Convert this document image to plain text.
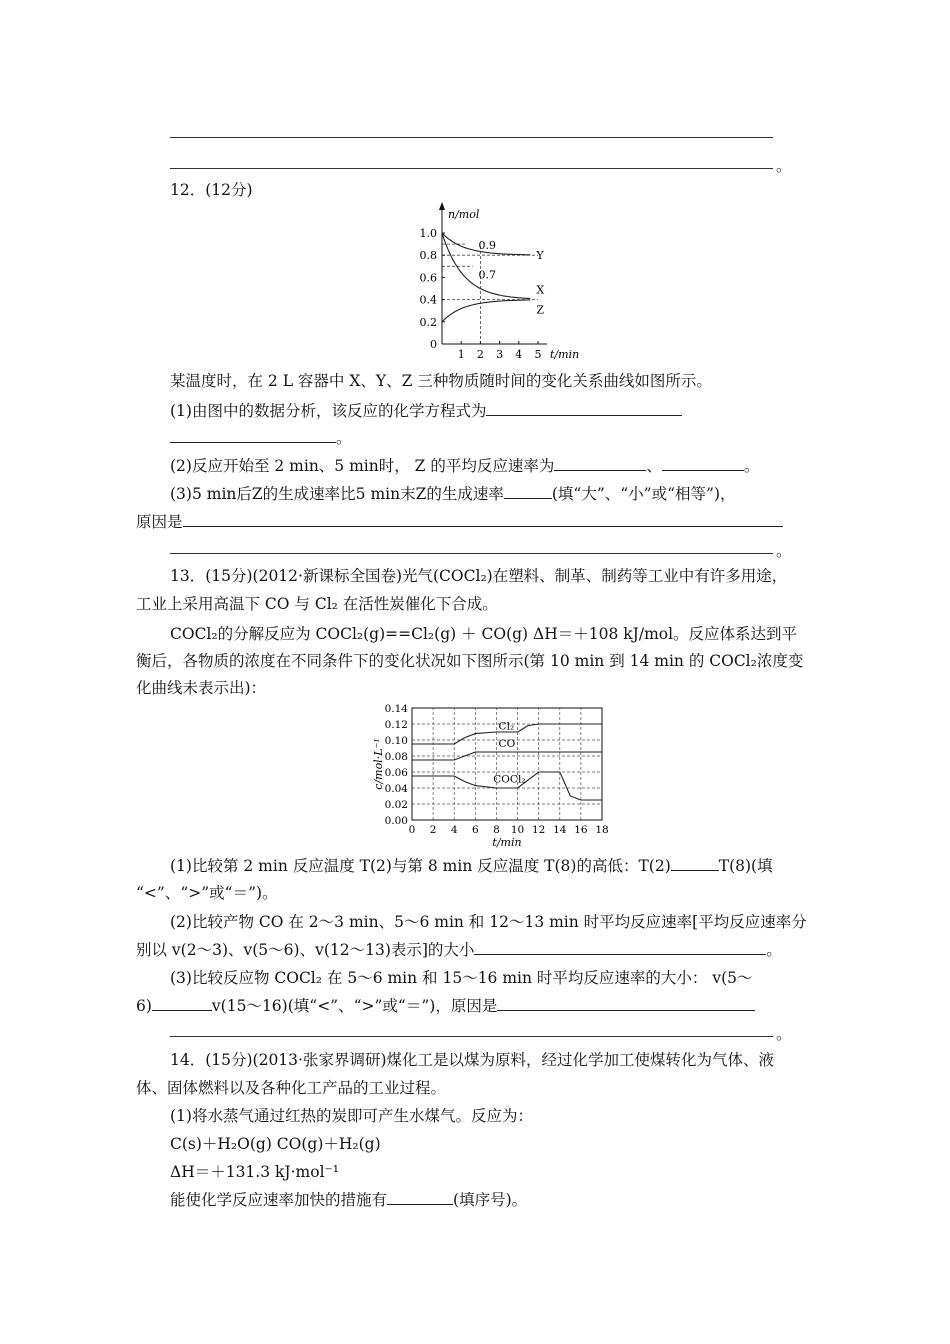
。
12．(12分)
1.0
0.8
0.6
0.4
0.2
0
1 2 3 4 5
n/mol
t/min
Y
X
Z
0.9
0.7
某温度时，在 2 L 容器中 X、Y、Z 三种物质随时间的变化关系曲线如图所示。
(1)由图中的数据分析，该反应的化学方程式为
。
(2)反应开始至 2 min、5 min时， Z 的平均反应速率为	、	。
(3)5 min后Z的生成速率比5 min末Z的生成速率	(填“大”、“小”或“相等”)，
原因是
。
13．(15分)(2012·新课标全国卷)光气(COCl₂)在塑料、制革、制药等工业中有许多用途，
工业上采用高温下 CO 与 Cl₂ 在活性炭催化下合成。
COCl₂的分解反应为 COCl₂(g)==Cl₂(g) ＋ CO(g) ΔH＝＋108 kJ/mol。反应体系达到平
衡后，各物质的浓度在不同条件下的变化状况如下图所示(第 10 min 到 14 min 的 COCl₂浓度变
化曲线未表示出)：
0.14
0.12
0.10
0.08
0.06
0.04
0.02
0.00
0 2 4 6 8 10 12 14 16 18
t/min
c/mol·L⁻¹
Cl₂
CO
COCl₂
(1)比较第 2 min 反应温度 T(2)与第 8 min 反应温度 T(8)的高低：T(2)	T(8)(填
“<”、“>”或“＝”)。
(2)比较产物 CO 在 2～3 min、5～6 min 和 12～13 min 时平均反应速率[平均反应速率分
别以 v(2～3)、v(5～6)、v(12～13)表示]的大小	。
(3)比较反应物 COCl₂ 在 5～6 min 和 15～16 min 时平均反应速率的大小： v(5～
6)	v(15～16)(填“<”、“>”或“＝”)，原因是
。
14．(15分)(2013·张家界调研)煤化工是以煤为原料，经过化学加工使煤转化为气体、液
体、固体燃料以及各种化工产品的工业过程。
(1)将水蒸气通过红热的炭即可产生水煤气。反应为：
C(s)＋H₂O(g) CO(g)＋H₂(g)
ΔH＝＋131.3 kJ·mol⁻¹
能使化学反应速率加快的措施有	(填序号)。
